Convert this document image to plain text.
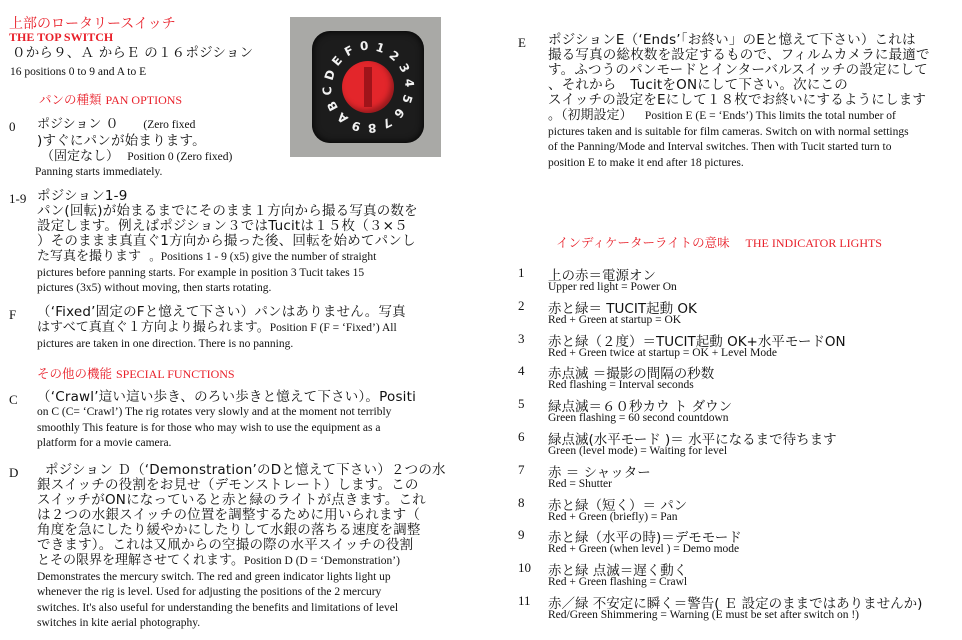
上部のロータリースイッチ
THE TOP SWITCH
０から９、Ａ からＥ の１６ポジション
16 positions 0 to 9 and A to E
0 1 2
3
4
5
6
7
8
9
A
B
C
D
E
F
パンの種類 PAN OPTIONS
0 ポジション ０ (Zero fixed
)すぐにパンが始まります。
（固定なし） Position 0 (Zero fixed)
Panning starts immediately.
1-9 ポジション1-9
パン(回転)が始まるまでにそのまま１方向から撮る写真の数を
設定します。例えばポジション３ではTucitは１５枚（３×５
）そのままま真直ぐ1方向から撮った後、回転を始めてパンし
た写真を撮ります 。Positions 1 - 9 (x5) give the number of straight
pictures before panning starts. For example in position 3 Tucit takes 15
pictures (3x5) without moving, then starts rotating.
F （‘Fixed’固定のFと憶えて下さい）パンはありません。写真
はすべて真直ぐ１方向より撮られます。Position F (F = ‘Fixed’) All
pictures are taken in one direction. There is no panning.
その他の機能 SPECIAL FUNCTIONS
C （‘Crawl’這い這い歩き、のろい歩きと憶えて下さい）。Positi
on C (C= ‘Crawl’) The rig rotates very slowly and at the moment not terribly
smoothly This feature is for those who may wish to use the equipment as a
platform for a movie camera.
D ポジション Ｄ（‘Demonstration’のDと憶えて下さい）２つの水
銀スイッチの役割をお見せ（デモンストレート）します。この
スイッチがONになっていると赤と緑のライトが点きます。これ
は２つの水銀スイッチの位置を調整するために用いられます（
角度を急にしたり緩やかにしたりして水銀の落ちる速度を調整
できます）。これは又凧からの空撮の際の水平スイッチの役割
とその限界を理解させてくれます。Position D (D = ‘Demonstration’)
Demonstrates the mercury switch. The red and green indicator lights light up
whenever the rig is level. Used for adjusting the positions of the 2 mercury
switches. It's also useful for understanding the benefits and limitations of level
switches in kite aerial photography.
E ポジションE（‘Ends’「お終い」のEと憶えて下さい）これは
撮る写真の総枚数を設定するもので、フィルムカメラに最適で
す。ふつうのパンモードとインターバルスイッチの設定にして
、それから　TucitをONにして下さい。次にこの
スイッチの設定をEにして１８枚でお終いにするようにします
。（初期設定） Position E (E = ‘Ends’) This limits the total number of
pictures taken and is suitable for film cameras. Switch on with normal settings
of the Panning/Mode and Interval switches. Then with Tucit started turn to
position E to make it end after 18 pictures.
インディケーターライトの意味 THE INDICATOR LIGHTS
1 上の赤＝電源オン
Upper red light = Power On
2 赤と緑＝ TUCIT起動 OK
Red + Green at startup = OK
3 赤と緑（２度）＝TUCIT起動 OK+水平モードON
Red + Green twice at startup = OK + Level Mode
4 赤点滅 ＝撮影の間隔の秒数
Red flashing = Interval seconds
5 緑点滅＝６０秒カウ ト ダウン
Green flashing = 60 second countdown
6 緑点滅(水平モード )＝ 水平になるまで待ちます
Green (level mode) = Waiting for level
7 赤 ＝ シャッター
Red = Shutter
8 赤と緑（短く）＝ パン
Red + Green (briefly) = Pan
9 赤と緑（水平の時)＝デモモード
Red + Green (when level ) = Demo mode
10 赤と緑 点滅＝遅く動く
Red + Green flashing = Crawl
11 赤／緑 不安定に瞬く＝警告( Ｅ 設定のままではありませんか)
Red/Green Shimmering = Warning (E must be set after switch on !)
